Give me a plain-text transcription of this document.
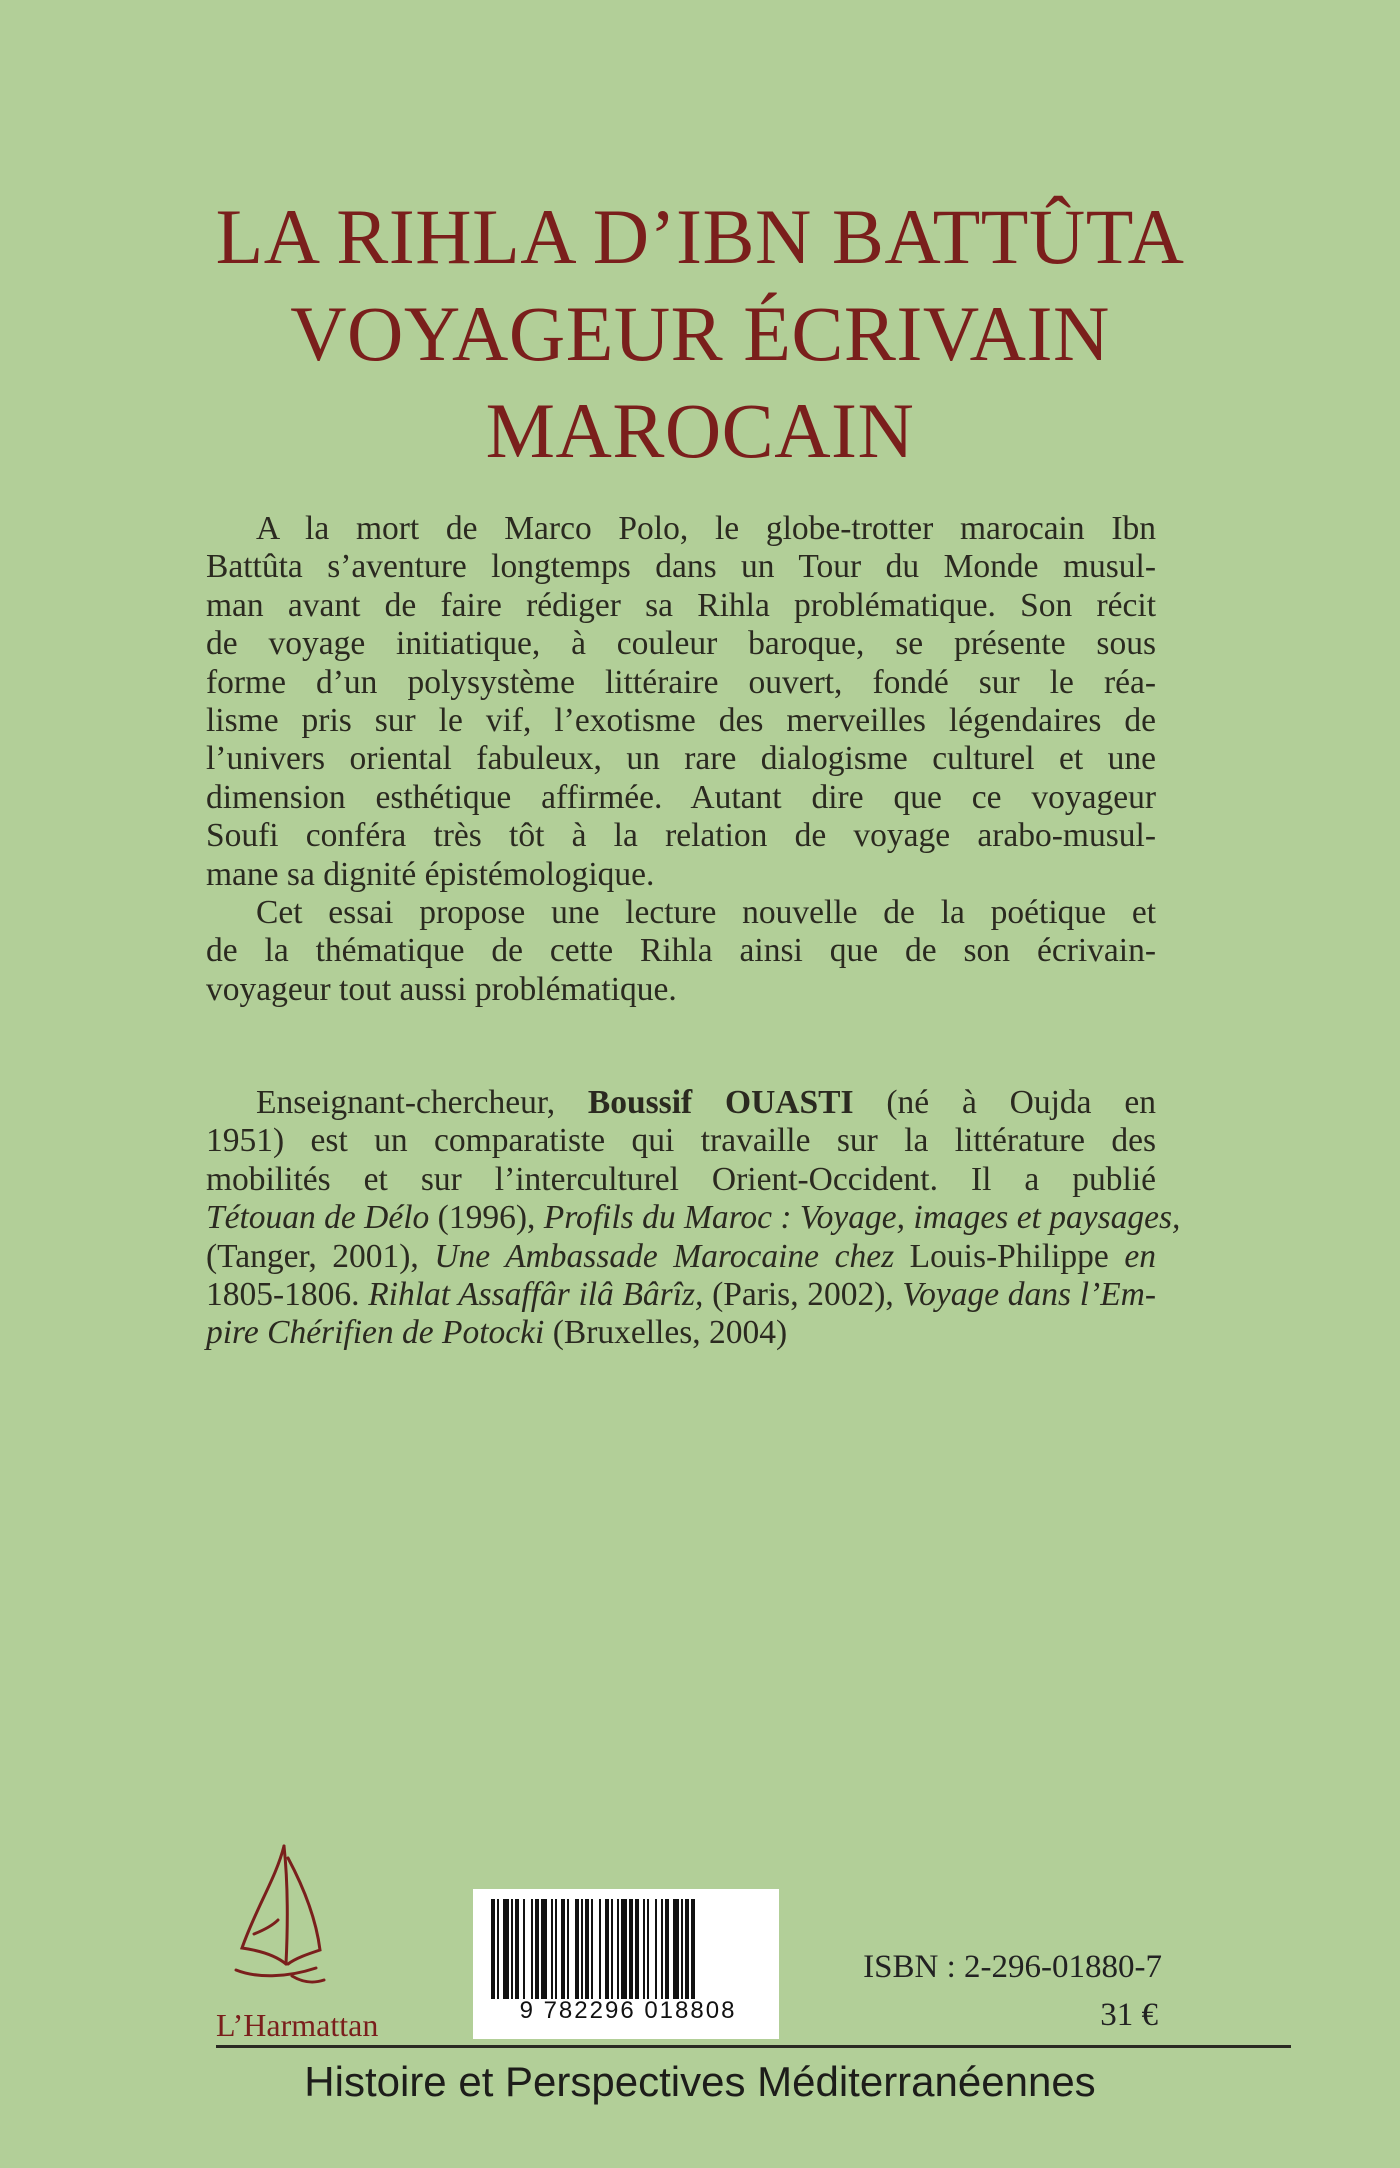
LA RIHLA D’IBN BATTÛTA
VOYAGEUR ÉCRIVAIN
MAROCAIN
A la mort de Marco Polo, le globe-trotter marocain Ibn
Battûta s’aventure longtemps dans un Tour du Monde musul-
man avant de faire rédiger sa Rihla problématique. Son récit
de voyage initiatique, à couleur baroque, se présente sous
forme d’un polysystème littéraire ouvert, fondé sur le réa-
lisme pris sur le vif, l’exotisme des merveilles légendaires de
l’univers oriental fabuleux, un rare dialogisme culturel et une
dimension esthétique affirmée. Autant dire que ce voyageur
Soufi conféra très tôt à la relation de voyage arabo-musul-
mane sa dignité épistémologique.
Cet essai propose une lecture nouvelle de la poétique et
de la thématique de cette Rihla ainsi que de son écrivain-
voyageur tout aussi problématique.
Enseignant-chercheur, Boussif OUASTI (né à Oujda en
1951) est un comparatiste qui travaille sur la littérature des
mobilités et sur l’interculturel Orient-Occident. Il a publié
Tétouan de Délo (1996), Profils du Maroc : Voyage, images et paysages,
(Tanger, 2001), Une Ambassade Marocaine chez Louis-Philippe en
1805-1806. Rihlat Assaffâr ilâ Bârîz, (Paris, 2002), Voyage dans l’Em-
pire Chérifien de Potocki (Bruxelles, 2004)
L’Harmattan	9 782296 018808
ISBN : 2-296-01880-7
31 €
Histoire et Perspectives Méditerranéennes
